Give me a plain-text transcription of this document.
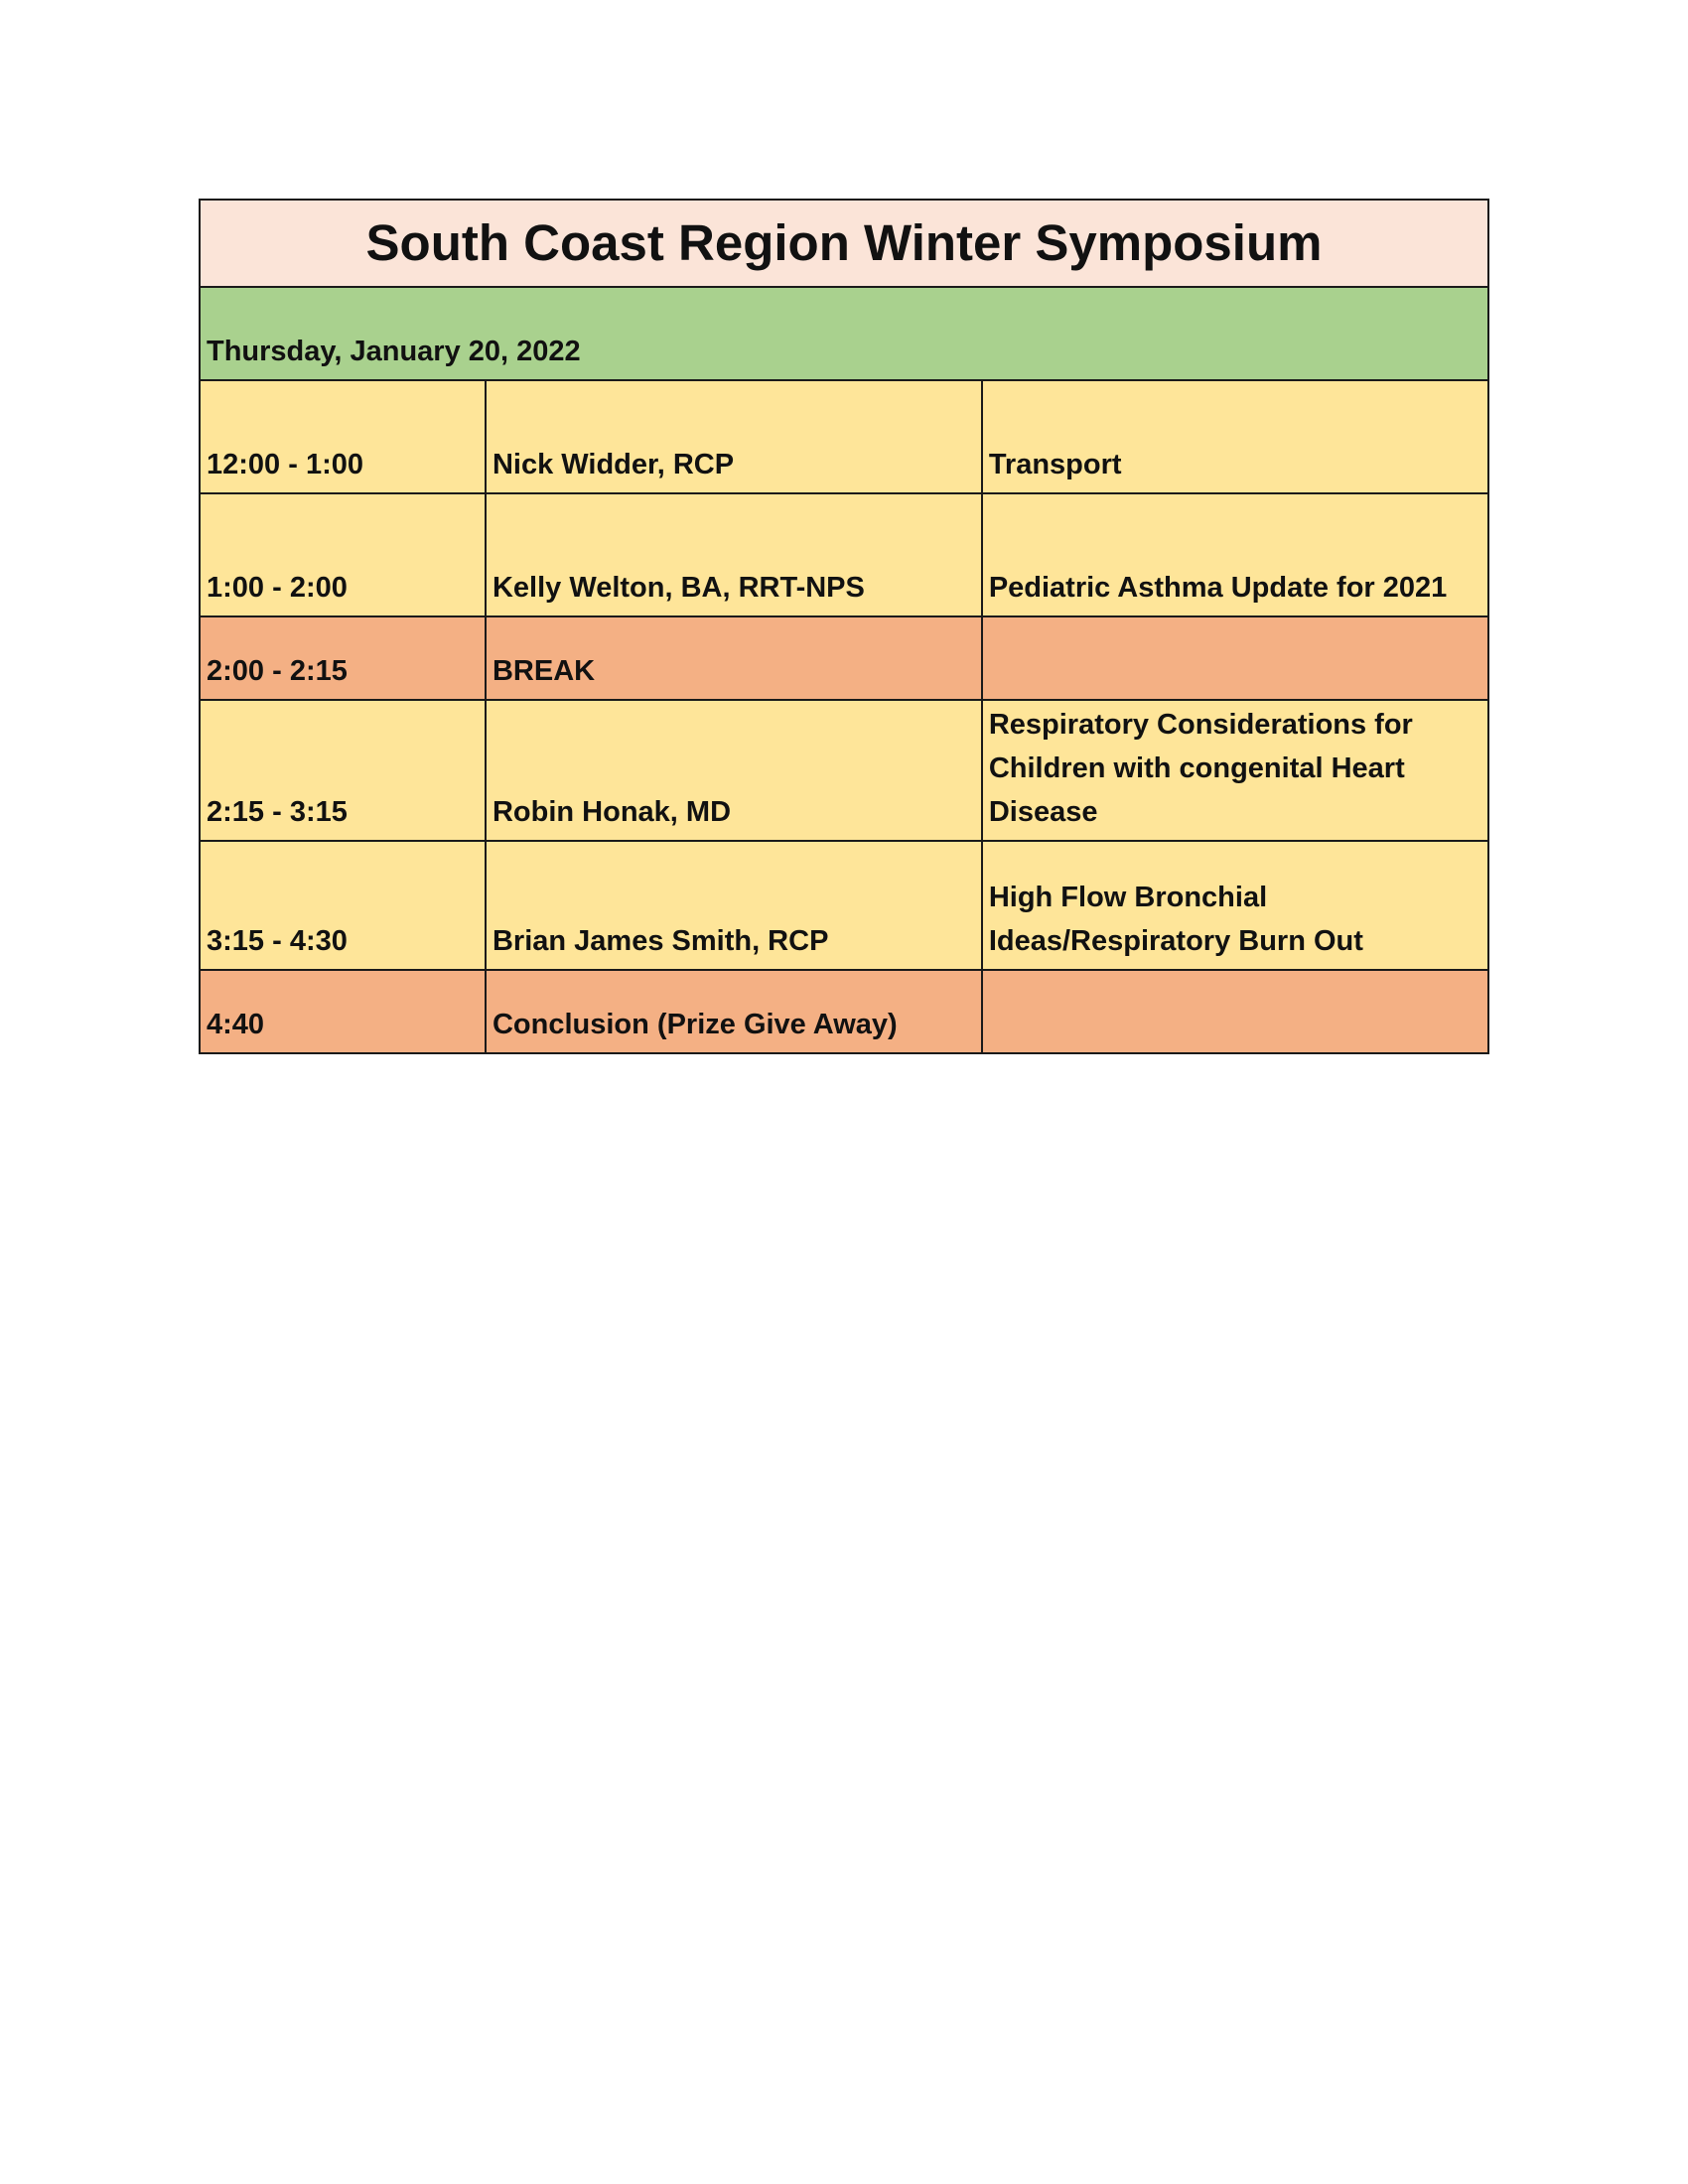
South Coast Region Winter Symposium		
Thursday, January 20, 2022		
12:00 - 1:00	Nick Widder, RCP	Transport
1:00 - 2:00	Kelly Welton, BA, RRT-NPS	Pediatric Asthma Update for 2021
2:00 - 2:15	BREAK	
2:15 - 3:15	Robin Honak, MD	Respiratory Considerations for
Children with congenital Heart
Disease
3:15 - 4:30	Brian James Smith, RCP	High Flow Bronchial
Ideas/Respiratory Burn Out
4:40	Conclusion (Prize Give Away)	
